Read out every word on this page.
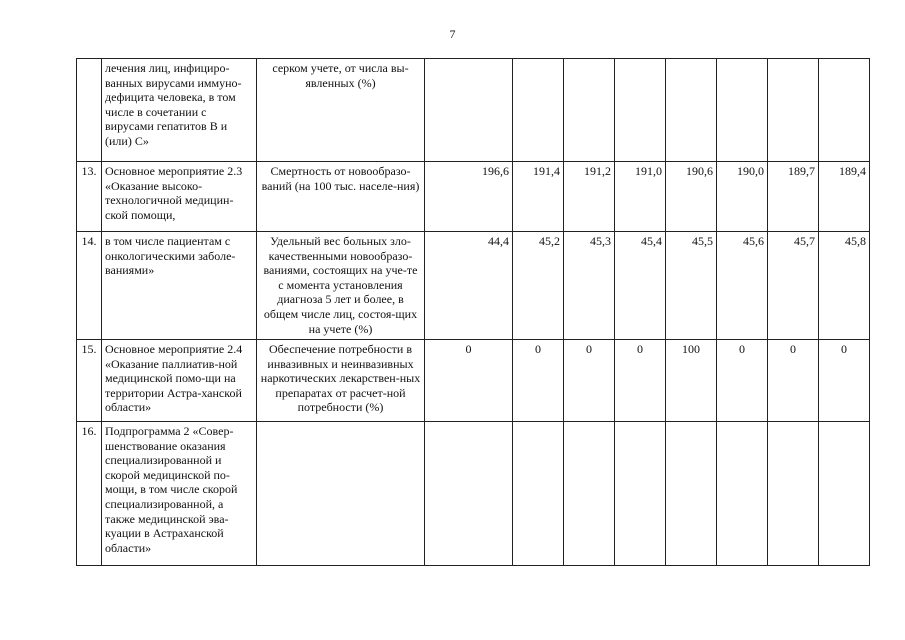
7
	лечения лиц, инфициро-ванных вирусами иммуно-дефицита человека, в том числе в сочетании с вирусами гепатитов В и (или) С»	серком учете, от числа вы-явленных (%)								
13.	Основное мероприятие 2.3 «Оказание высоко-технологичной медицин-ской помощи,	Смертность от новообразо-ваний (на 100 тыс. населе-ния)	196,6	191,4	191,2	191,0	190,6	190,0	189,7	189,4
14.	в том числе пациентам с онкологическими заболе-ваниями»	Удельный вес больных зло-качественными новообразо-ваниями, состоящих на уче-те с момента установления диагноза 5 лет и более, в общем числе лиц, состоя-щих на учете (%)	44,4	45,2	45,3	45,4	45,5	45,6	45,7	45,8
15.	Основное мероприятие 2.4 «Оказание паллиатив-ной медицинской помо-щи на территории Астра-ханской области»	Обеспечение потребности в инвазивных и неинвазивных наркотических лекарствен-ных препаратах от расчет-ной потребности (%)	0	0	0	0	100	0	0	0
16.	Подпрограмма 2 «Совер-шенствование оказания специализированной и скорой медицинской по-мощи, в том числе скорой специализированной, а также медицинской эва-куации в Астраханской области»									
